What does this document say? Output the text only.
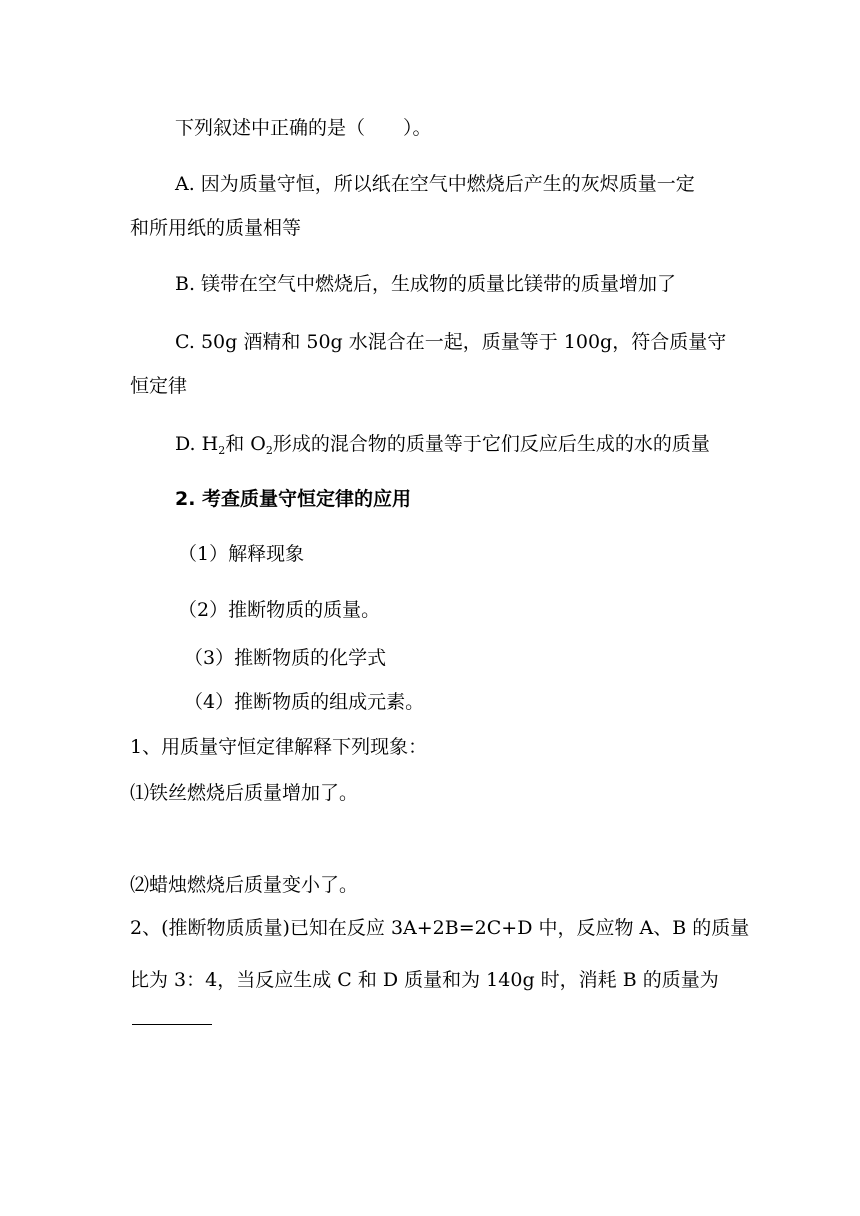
下列叙述中正确的是（　　）。
A. 因为质量守恒，所以纸在空气中燃烧后产生的灰烬质量一定
和所用纸的质量相等
B. 镁带在空气中燃烧后，生成物的质量比镁带的质量增加了
C. 50g 酒精和 50g 水混合在一起，质量等于 100g，符合质量守
恒定律
D. $H_2$和 $O_2$形成的混合物的质量等于它们反应后生成的水的质量
2. 考查质量守恒定律的应用
（1）解释现象
（2）推断物质的质量。
（3）推断物质的化学式
（4）推断物质的组成元素。
1、用质量守恒定律解释下列现象：
⑴铁丝燃烧后质量增加了。
⑵蜡烛燃烧后质量变小了。
2、(推断物质质量)已知在反应 3A+2B=2C+D 中，反应物 A、B 的质量
比为 3：4，当反应生成 C 和 D 质量和为 140g 时，消耗 B 的质量为
